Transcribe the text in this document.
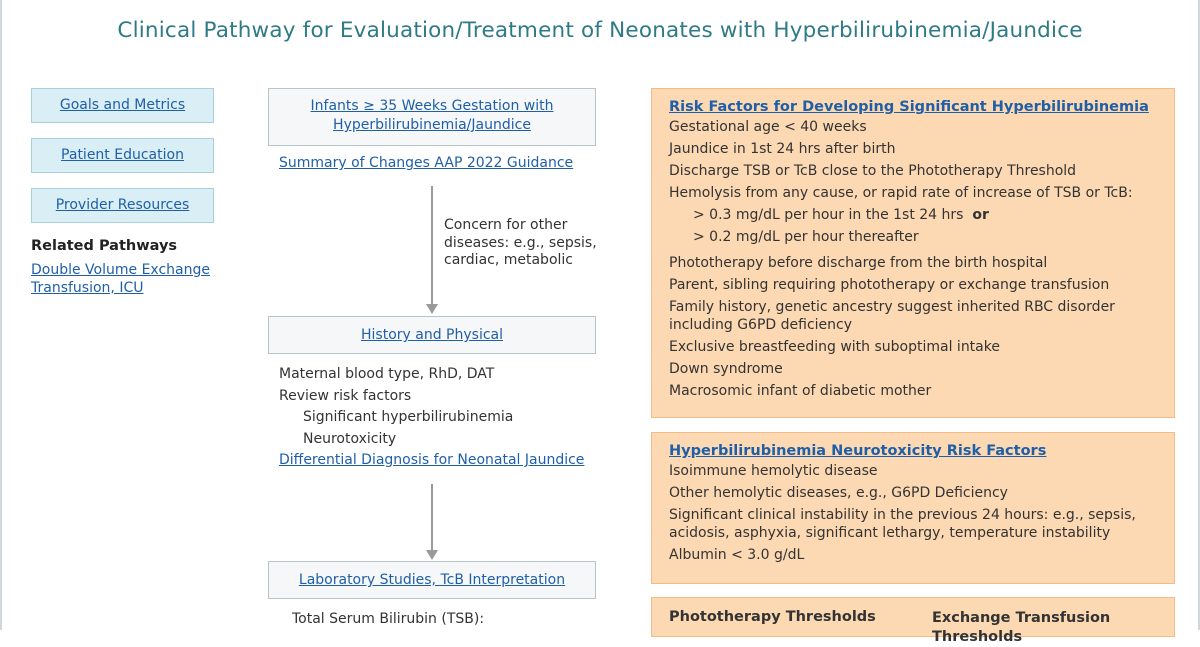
Clinical Pathway for Evaluation/Treatment of Neonates with Hyperbilirubinemia/Jaundice
Goals and Metrics
Patient Education
Provider Resources
Related Pathways
Double Volume Exchange
Transfusion, ICU
Infants ≥ 35 Weeks Gestation with
Hyperbilirubinemia/Jaundice
Summary of Changes AAP 2022 Guidance
Concern for other
diseases: e.g., sepsis,
cardiac, metabolic
History and Physical
Maternal blood type, RhD, DAT
Review risk factors
Significant hyperbilirubinemia
Neurotoxicity
Differential Diagnosis for Neonatal Jaundice
Laboratory Studies, TcB Interpretation
Total Serum Bilirubin (TSB):
Risk Factors for Developing Significant Hyperbilirubinemia
Gestational age < 40 weeks
Jaundice in 1st 24 hrs after birth
Discharge TSB or TcB close to the Phototherapy Threshold
Hemolysis from any cause, or rapid rate of increase of TSB or TcB:
> 0.3 mg/dL per hour in the 1st 24 hrs or
> 0.2 mg/dL per hour thereafter
Phototherapy before discharge from the birth hospital
Parent, sibling requiring phototherapy or exchange transfusion
Family history, genetic ancestry suggest inherited RBC disorder including G6PD deficiency
Exclusive breastfeeding with suboptimal intake
Down syndrome
Macrosomic infant of diabetic mother
Hyperbilirubinemia Neurotoxicity Risk Factors
Isoimmune hemolytic disease
Other hemolytic diseases, e.g., G6PD Deficiency
Significant clinical instability in the previous 24 hours: e.g., sepsis, acidosis, asphyxia, significant lethargy, temperature instability
Albumin < 3.0 g/dL
Phototherapy Thresholds	Exchange Transfusion
Thresholds
